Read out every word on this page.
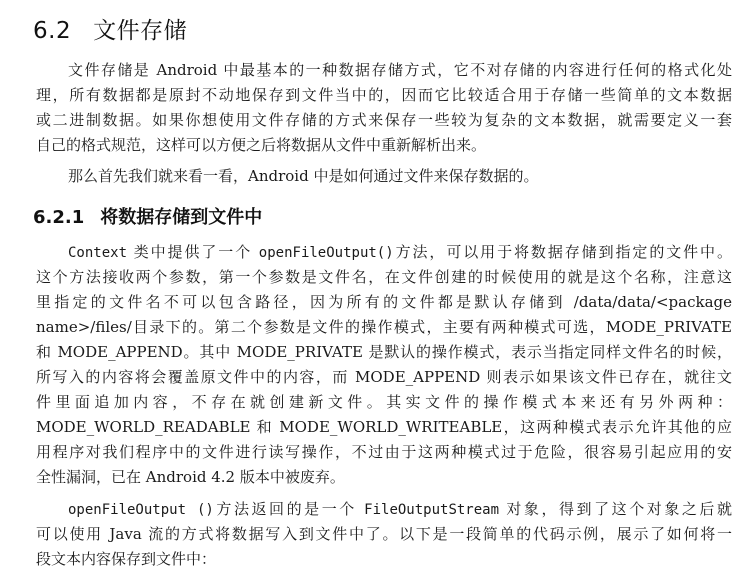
6.2 文件存储

文件存储是 Android 中最基本的一种数据存储方式，它不对存储的内容进行任何的格式化处

理，所有数据都是原封不动地保存到文件当中的，因而它比较适合用于存储一些简单的文本数据

或二进制数据。如果你想使用文件存储的方式来保存一些较为复杂的文本数据，就需要定义一套

自己的格式规范，这样可以方便之后将数据从文件中重新解析出来。

那么首先我们就来看一看，Android 中是如何通过文件来保存数据的。

6.2.1 将数据存储到文件中

Context 类中提供了一个 openFileOutput()方法，可以用于将数据存储到指定的文件中。

这个方法接收两个参数，第一个参数是文件名，在文件创建的时候使用的就是这个名称，注意这

里指定的文件名不可以包含路径，因为所有的文件都是默认存储到 /data/data/<package

name>/files/目录下的。第二个参数是文件的操作模式，主要有两种模式可选，MODE_PRIVATE

和 MODE_APPEND。其中 MODE_PRIVATE 是默认的操作模式，表示当指定同样文件名的时候，

所写入的内容将会覆盖原文件中的内容，而 MODE_APPEND 则表示如果该文件已存在，就往文

件里面追加内容，不存在就创建新文件。其实文件的操作模式本来还有另外两种：

MODE_WORLD_READABLE 和 MODE_WORLD_WRITEABLE，这两种模式表示允许其他的应

用程序对我们程序中的文件进行读写操作，不过由于这两种模式过于危险，很容易引起应用的安

全性漏洞，已在 Android 4.2 版本中被废弃。

openFileOutput ()方法返回的是一个 FileOutputStream 对象，得到了这个对象之后就

可以使用 Java 流的方式将数据写入到文件中了。以下是一段简单的代码示例，展示了如何将一

段文本内容保存到文件中：
